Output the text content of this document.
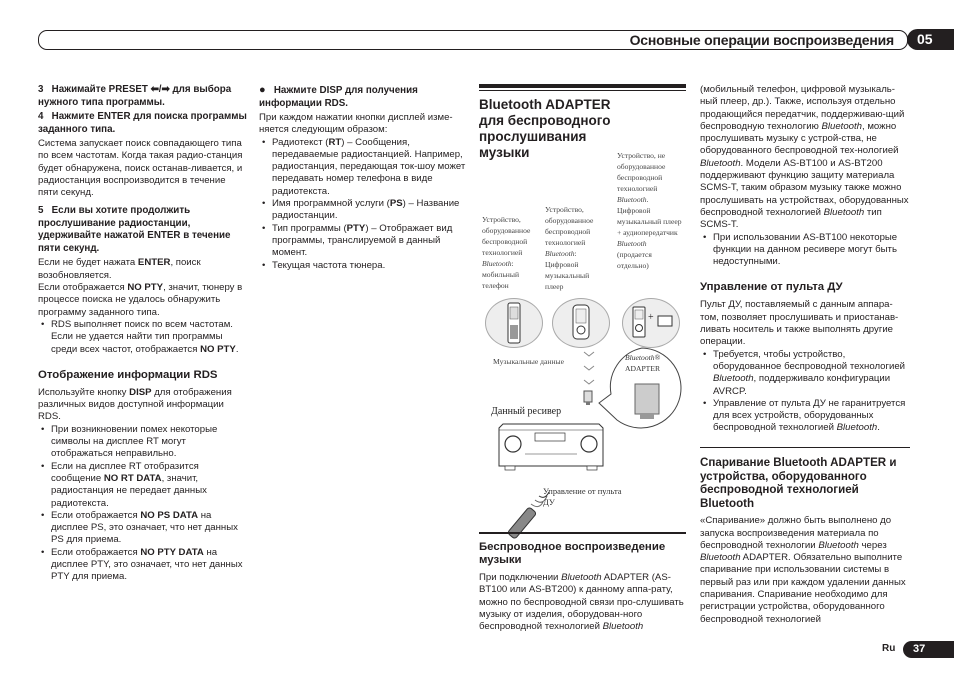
Основные операции воспроизведения	05

3 Нажимайте PRESET ⬅/➡ для выбора нужного типа программы.

4 Нажмите ENTER для поиска программы заданного типа.

Система запускает поиск совпадающего типа по всем частотам. Когда такая радио-станция будет обнаружена, поиск останав-ливается, и радиостанция воспроизводится в течение пяти секунд.

5 Если вы хотите продолжить прослушивание радиостанции, удерживайте нажатой ENTER в течение пяти секунд.

Если не будет нажата ENTER, поиск возобновляется.

Если отображается NO PTY, значит, тюнеру в процессе поиска не удалось обнаружить программу заданного типа.

• RDS выполняет поиск по всем частотам. Если не удается найти тип программы среди всех частот, отображается NO PTY.

Отображение информации RDS

Используйте кнопку DISP для отображения различных видов доступной информации RDS.

• При возникновении помех некоторые символы на дисплее RT могут отображаться неправильно.
• Если на дисплее RT отобразится сообщение NO RT DATA, значит, радиостанция не передает данных радиотекста.
• Если отображается NO PS DATA на дисплее PS, это означает, что нет данных PS для приема.
• Если отображается NO PTY DATA на дисплее PTY, это означает, что нет данных PTY для приема.

● Нажмите DISP для получения информации RDS.

При каждом нажатии кнопки дисплей изме-няется следующим образом:

• Радиотекст (RT) – Сообщения, передаваемые радиостанцией. Например, радиостанция, передающая ток-шоу может передавать номер телефона в виде радиотекста.
• Имя программной услуги (PS) – Название радиостанции.
• Тип программы (PTY) – Отображает вид программы, транслируемой в данный момент.
• Текущая частота тюнера.

Bluetooth ADAPTER для беспроводного прослушивания музыки

Устройство, оборудованное беспроводной технологией Bluetooth: мобильный телефон
Устройство, оборудованное беспроводной технологией Bluetooth: Цифровой музыкальный плеер
Устройство, не оборудованное беспроводной технологией Bluetooth. Цифровой музыкальный плеер + аудиопередатчик Bluetooth (продается отдельно)
+
Музыкальные данные
Данный ресивер
Bluetooth®
ADAPTER
Управление от пульта ДУ

Беспроводное воспроизведение музыки

При подключении Bluetooth ADAPTER (AS-BT100 или AS-BT200) к данному аппа-рату, можно по беспроводной связи про-слушивать музыку от изделия, оборудован-ного беспроводной технологией Bluetooth

(мобильный телефон, цифровой музыкаль-ный плеер, др.). Также, используя отдельно продающийся передатчик, поддерживаю-щий беспроводную технологию Bluetooth, можно прослушивать музыку с устрой-ства, не оборудованного беспроводной тех-нологией Bluetooth. Модели AS-BT100 и AS-BT200 поддерживают функцию защиту материала SCMS-T, таким образом музыку также можно прослушивать на устройствах, оборудованных беспроводной технологией Bluetooth тип SCMS-T.

• При использовании AS-BT100 некоторые функции на данном ресивере могут быть недоступными.

Управление от пульта ДУ

Пульт ДУ, поставляемый с данным аппара-том, позволяет прослушивать и приостанав-ливать носитель и также выполнять другие операции.

• Требуется, чтобы устройство, оборудованное беспроводной технологией Bluetooth, поддерживало конфигурации AVRCP.
• Управление от пульта ДУ не гаранитруется для всех устройств, оборудованных беспроводной технологией Bluetooth.

Спаривание Bluetooth ADAPTER и устройства, оборудованного беспроводной технологией Bluetooth

«Спаривание» должно быть выполнено до запуска воспроизведения материала по беспроводной технологии Bluetooth через Bluetooth ADAPTER. Обязательно выполните спаривание при использовании системы в первый раз или при каждом удалении данных спаривания. Спаривание необходимо для регистрации устройства, оборудованного беспроводной технологией

Ru	37
